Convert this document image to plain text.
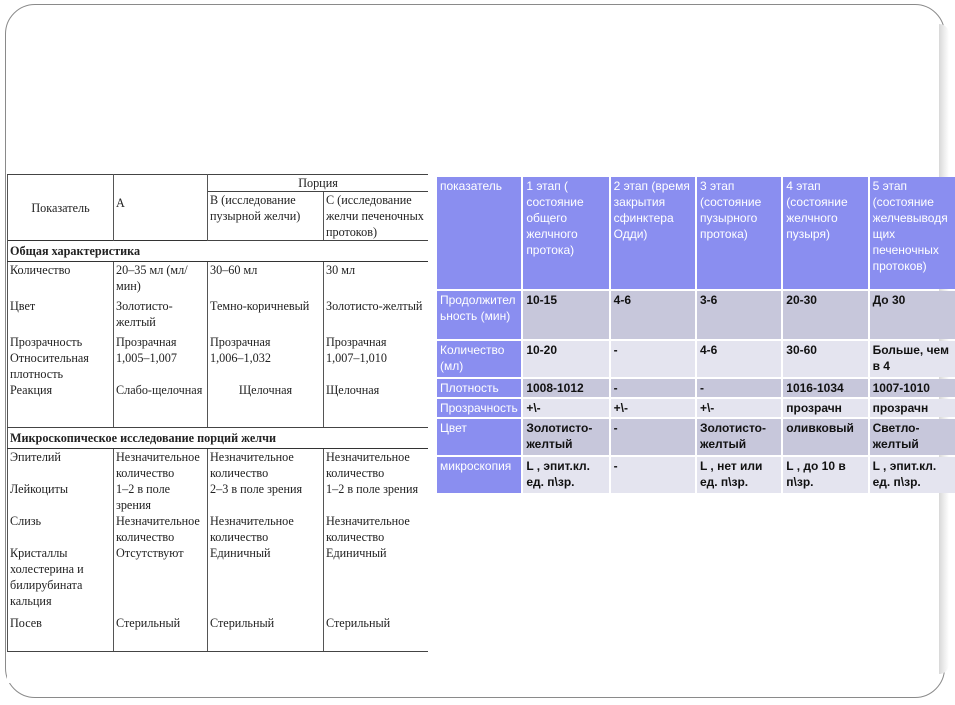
Показатель	А	Порция	
		В (исследование пузырной желчи)	С (исследование желчи печеночных протоков)
Общая характеристика			
Количество	20–35 мл (мл/мин)	30–60 мл	30 мл
Цвет	Золотисто-желтый	Темно-коричневый	Золотисто-желтый
Прозрачность	Прозрачная	Прозрачная	Прозрачная
Относительная плотность	1,005–1,007	1,006–1,032	1,007–1,010
Реакция	Слабо-щелочная	Щелочная	Щелочная
Микроскопическое исследование порций желчи			
Эпителий	Незначительное количество	Незначительное количество	Незначительное количество
Лейкоциты	1–2 в поле зрения	2–3 в поле зрения	1–2 в поле зрения
Слизь	Незначительное количество	Незначительное количество	Незначительное количество
Кристаллы холестерина и билирубината кальция	Отсутствуют	Единичный	Единичный
Посев	Стерильный	Стерильный	Стерильный
показатель	1 этап ( состояние общего желчного протока)	2 этап (время закрытия сфинктера Одди)	3 этап (состояние пузырного протока)	4 этап (состояние желчного пузыря)	5 этап (состояние желчевыводящих печеночных протоков)
Продолжительность (мин)	10-15	4-6	3-6	20-30	До 30
Количество (мл)	10-20	-	4-6	30-60	Больше, чем в 4
Плотность	1008-1012	-	-	1016-1034	1007-1010
Прозрачность	+\-	+\-	+\-	прозрачн	прозрачн
Цвет	Золотисто-желтый	-	Золотисто-желтый	оливковый	Светло-желтый
микроскопия	L , эпит.кл. ед. п\зр.	-	L , нет или ед. п\зр.	L , до 10 в п\зр.	L , эпит.кл. ед. п\зр.
